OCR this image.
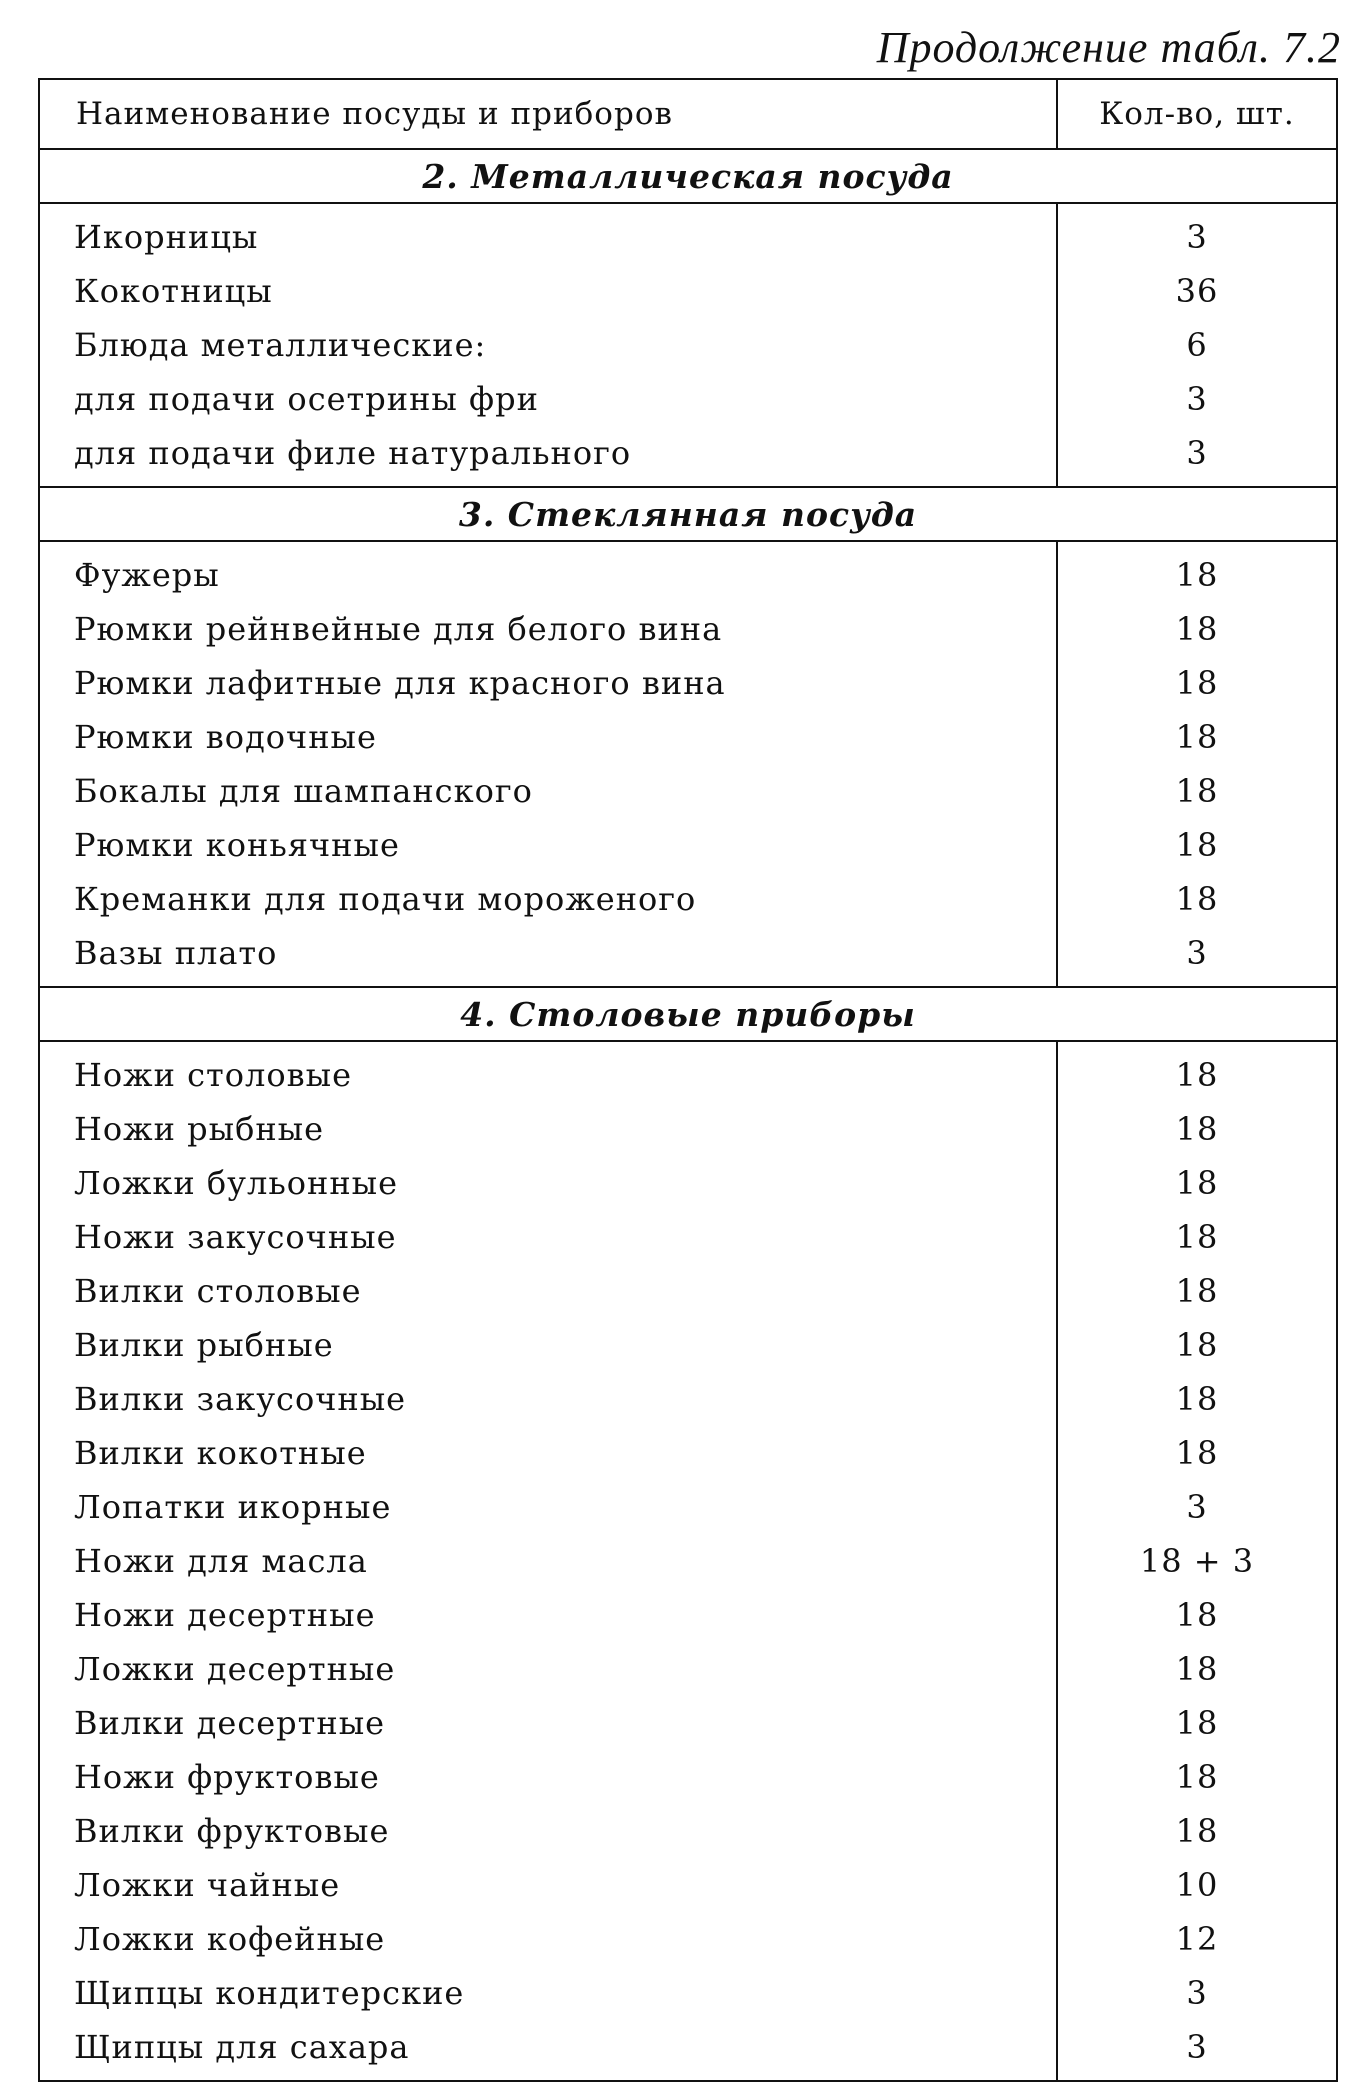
Продолжение табл. 7.2
Наименование посуды и приборов	Кол-во, шт.
2. Металлическая посуда
Икорницы
Кокотницы
Блюда металлические:
для подачи осетрины фри
для подачи филе натурального
3
36
6
3
3
3. Стеклянная посуда
Фужеры
Рюмки рейнвейные для белого вина
Рюмки лафитные для красного вина
Рюмки водочные
Бокалы для шампанского
Рюмки коньячные
Креманки для подачи мороженого
Вазы плато
18
18
18
18
18
18
18
3
4. Столовые приборы
Ножи столовые
Ножи рыбные
Ложки бульонные
Ножи закусочные
Вилки столовые
Вилки рыбные
Вилки закусочные
Вилки кокотные
Лопатки икорные
Ножи для масла
Ножи десертные
Ложки десертные
Вилки десертные
Ножи фруктовые
Вилки фруктовые
Ложки чайные
Ложки кофейные
Щипцы кондитерские
Щипцы для сахара
18
18
18
18
18
18
18
18
3
18 + 3
18
18
18
18
18
10
12
3
3
